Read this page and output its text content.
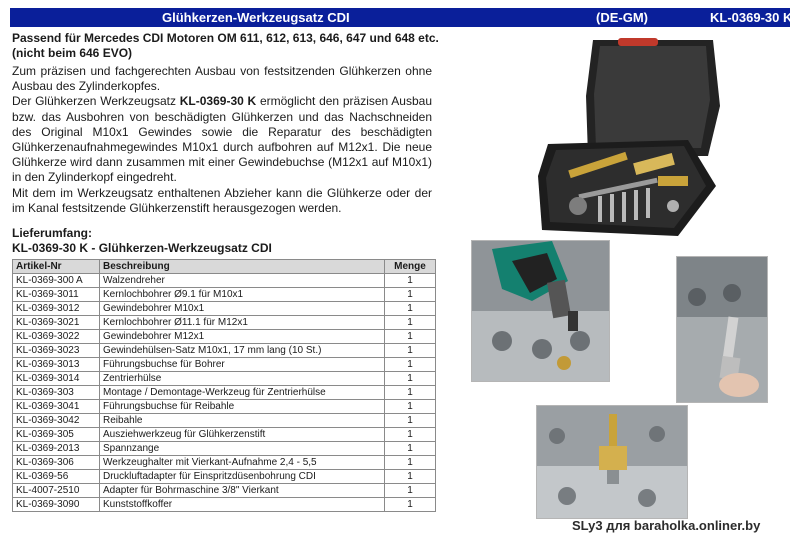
Glühkerzen-Werkzeugsatz CDI	(DE-GM)	KL-0369-30 K
Passend für Mercedes CDI Motoren OM 611, 612, 613, 646, 647 und 648 etc.
(nicht beim 646 EVO)

Zum präzisen und fachgerechten Ausbau von festsitzenden Glühkerzen ohne Ausbau des Zylinderkopfes.

Der Glühkerzen Werkzeugsatz KL-0369-30 K ermöglicht den präzisen Ausbau bzw. das Ausbohren von beschädigten Glühkerzen und das Nachschneiden des Original M10x1 Gewindes sowie die Reparatur des beschädigten Glühkerzenaufnahmegewindes M10x1 durch aufbohren auf M12x1. Die neue Glühkerze wird dann zusammen mit einer Gewindebuchse (M12x1 auf M10x1) in den Zylinderkopf eingedreht.

Mit dem im Werkzeugsatz enthaltenen Abzieher kann die Glühkerze oder der im Kanal festsitzende Glühkerzenstift herausgezogen werden.

Lieferumfang:
KL-0369-30 K - Glühkerzen-Werkzeugsatz CDI
Artikel-Nr	Beschreibung	Menge
KL-0369-300 A	Walzendreher	1
KL-0369-3011	Kernlochbohrer Ø9.1 für M10x1	1
KL-0369-3012	Gewindebohrer M10x1	1
KL-0369-3021	Kernlochbohrer Ø11.1 für M12x1	1
KL-0369-3022	Gewindebohrer M12x1	1
KL-0369-3023	Gewindehülsen-Satz M10x1, 17 mm lang (10 St.)	1
KL-0369-3013	Führungsbuchse für Bohrer	1
KL-0369-3014	Zentrierhülse	1
KL-0369-303	Montage / Demontage-Werkzeug für Zentrierhülse	1
KL-0369-3041	Führungsbuchse für Reibahle	1
KL-0369-3042	Reibahle	1
KL-0369-305	Ausziehwerkzeug für Glühkerzenstift	1
KL-0369-2013	Spannzange	1
KL-0369-306	Werkzeughalter mit Vierkant-Aufnahme 2,4 - 5,5	1
KL-0369-56	Druckluftadapter für Einspritzdüsenbohrung CDI	1
KL-4007-2510	Adapter für Bohrmaschine 3/8" Vierkant	1
KL-0369-3090	Kunststoffkoffer	1
SLy3 для baraholka.onliner.by
